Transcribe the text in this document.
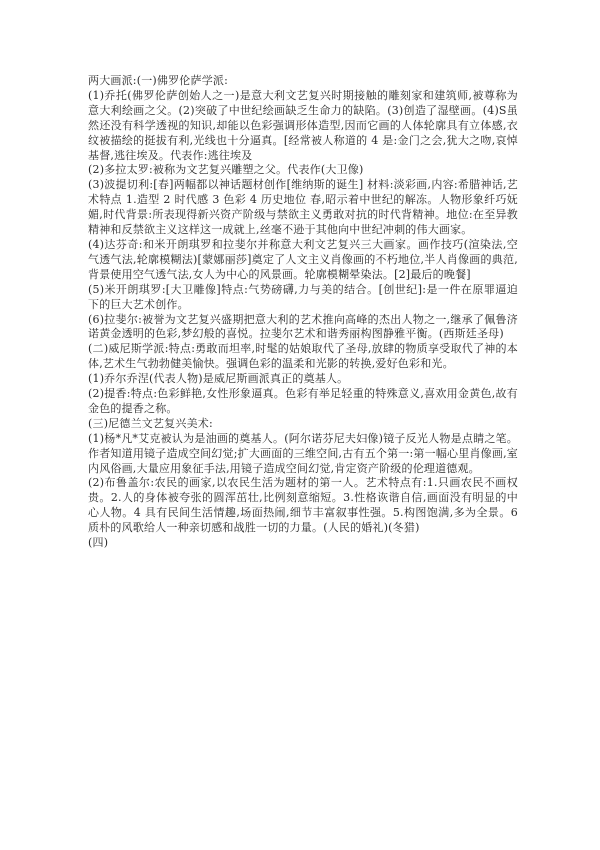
两大画派:(一)佛罗伦萨学派:

(1)乔托(佛罗伦萨创始人之一)是意大利文艺复兴时期接触的雕刻家和建筑师,被尊称为意大利绘画之父。(2)突破了中世纪绘画缺乏生命力的缺陷。(3)创造了湿壁画。(4)S虽然还没有科学透视的知识,却能以色彩强调形体造型,因而它画的人体轮廓具有立体感,衣纹被描绘的挺拔有利,光线也十分逼真。[经常被人称道的 4 是:金门之会,犹大之吻,哀悼基督,逃往埃及。代表作:逃往埃及

(2)多拉太罗:被称为文艺复兴雕塑之父。代表作(大卫像)

(3)波提切利:[春]两幅都以神话题材创作[维纳斯的诞生] 材料:淡彩画,内容:希腊神话,艺术特点 1.造型 2 时代感 3 色彩 4 历史地位 春,昭示着中世纪的解冻。人物形象纤巧妩媚,时代背景:所表现得新兴资产阶级与禁欲主义勇敢对抗的时代背精神。地位:在至异教精神和反禁欲主义这样这一成就上,丝毫不逊于其他向中世纪冲刺的伟大画家。

(4)达芬奇:和米开朗琪罗和拉斐尔并称意大利文艺复兴三大画家。画作技巧(渲染法,空气透气法,轮廓模糊法)[蒙娜丽莎]奠定了人文主义肖像画的不朽地位,半人肖像画的典范,背景使用空气透气法,女人为中心的风景画。轮廓模糊晕染法。[2]最后的晚餐]

(5)米开朗琪罗:[大卫雕像]特点:气势磅礴,力与美的结合。[创世纪]:是一件在原罪逼迫下的巨大艺术创作。

(6)拉斐尔:被誉为文艺复兴盛期把意大利的艺术推向高峰的杰出人物之一,继承了佩鲁济诺黄金透明的色彩,梦幻般的喜悦。拉斐尔艺术和谐秀丽构图静雅平衡。(西斯廷圣母)

(二)威尼斯学派:特点:勇敢而坦率,时髦的姑娘取代了圣母,放肆的物质享受取代了神的本体,艺术生气勃勃健美愉快。强调色彩的温柔和光影的转换,爱好色彩和光。

(1)乔尔乔涅(代表人物)是威尼斯画派真正的奠基人。

(2)提香:特点:色彩鲜艳,女性形象逼真。色彩有举足轻重的特殊意义,喜欢用金黄色,故有金色的提香之称。

(三)尼德兰文艺复兴美术:

(1)杨*凡*艾克被认为是油画的奠基人。(阿尔诺芬尼夫妇像)镜子反光人物是点睛之笔。作者知道用镜子造成空间幻觉;扩大画面的三维空间,古有五个第一:第一幅心里肖像画,室内风俗画,大量应用象征手法,用镜子造成空间幻觉,肯定资产阶级的伦理道德观。

(2)布鲁盖尔:农民的画家,以农民生活为题材的第一人。艺术特点有:1.只画农民不画权贵。2.人的身体被夸张的圆浑茁壮,比例刻意缩短。3.性格诙谐自信,画面没有明显的中心人物。4 具有民间生活情趣,场面热闹,细节丰富叙事性强。5.构图饱满,多为全景。6 质朴的风歌给人一种亲切感和战胜一切的力量。(人民的婚礼)(冬猎)

(四)
